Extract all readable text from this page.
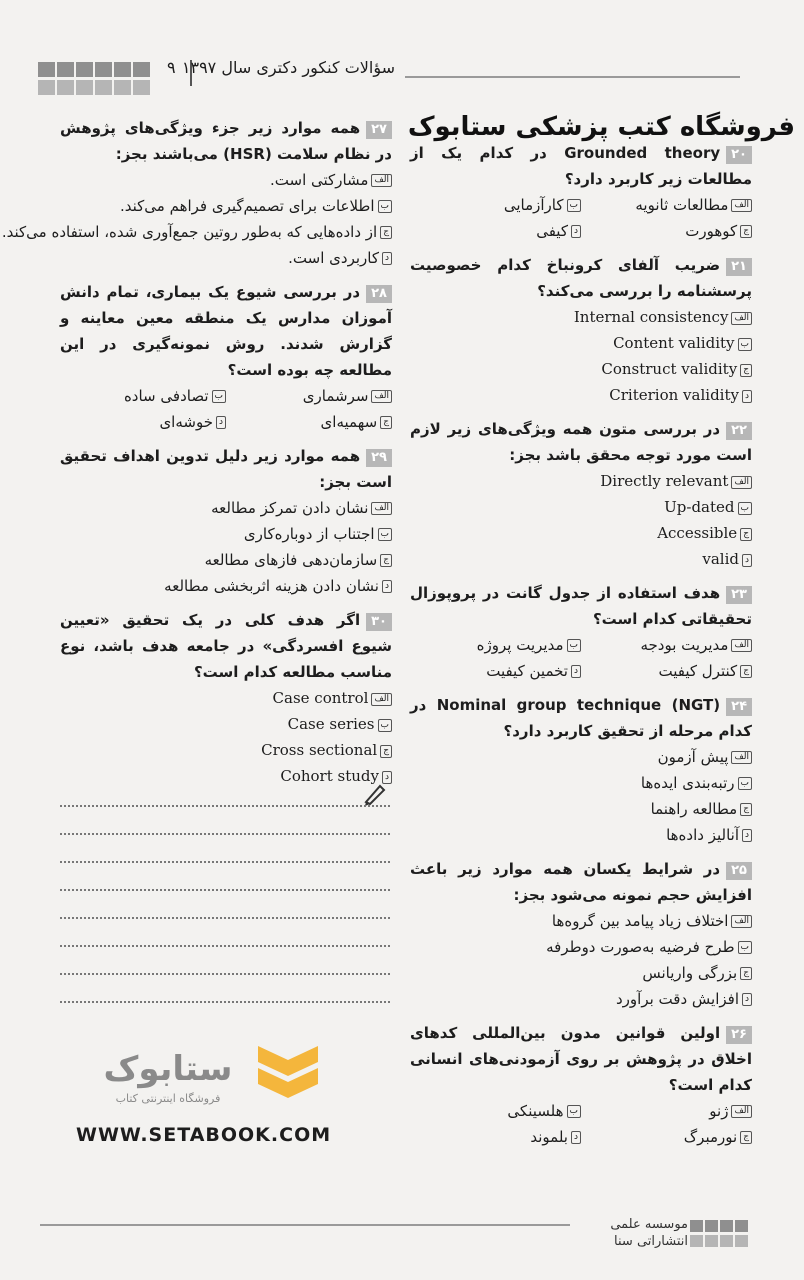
۹ سؤالات کنکور دکتری سال ۱۳۹۷
فروشگاه کتب پزشکی ستابوک
۲۰Grounded theory در کدام یک از مطالعات زیر کاربرد دارد؟
الفمطالعات ثانویه
بکارآزمایی
جکوهورت
دکیفی
۲۱ضریب آلفای کرونباخ کدام خصوصیت پرسشنامه را بررسی می‌کند؟
الفInternal consistency
بContent validity
جConstruct validity
دCriterion validity
۲۲در بررسی متون همه ویژگی‌های زیر لازم است مورد توجه محقق باشد بجز:
الفDirectly relevant
بUp-dated
جAccessible
دvalid
۲۳هدف استفاده از جدول گانت در پروپوزال تحقیقاتی کدام است؟
الفمدیریت بودجه
بمدیریت پروژه
جکنترل کیفیت
دتخمین کیفیت
۲۴Nominal group technique (NGT) در کدام مرحله از تحقیق کاربرد دارد؟
الفپیش آزمون
برتبه‌بندی ایده‌ها
جمطالعه راهنما
دآنالیز داده‌ها
۲۵در شرایط یکسان همه موارد زیر باعث افزایش حجم نمونه می‌شود بجز:
الفاختلاف زیاد پیامد بین گروه‌ها
بطرح فرضیه به‌صورت دوطرفه
جبزرگی واریانس
دافزایش دقت برآورد
۲۶اولین قوانین مدون بین‌المللی کدهای اخلاق در پژوهش بر روی آزمودنی‌های انسانی کدام است؟
الفژنو
بهلسینکی
جنورمبرگ
دبلموند
۲۷همه موارد زیر جزء ویژگی‌های پژوهش در نظام سلامت (HSR) می‌باشند بجز:
الفمشارکتی است.
باطلاعات برای تصمیم‌گیری فراهم می‌کند.
جاز داده‌هایی که به‌طور روتین جمع‌آوری شده، استفاده می‌کند.
دکاربردی است.
۲۸در بررسی شیوع یک بیماری، تمام دانش آموزان مدارس یک منطقه معین معاینه و گزارش شدند. روش نمونه‌گیری در این مطالعه چه بوده است؟
الفسرشماری
بتصادفی ساده
جسهمیه‌ای
دخوشه‌ای
۲۹همه موارد زیر دلیل تدوین اهداف تحقیق است بجز:
الفنشان دادن تمرکز مطالعه
باجتناب از دوباره‌کاری
جسازمان‌دهی فازهای مطالعه
دنشان دادن هزینه اثربخشی مطالعه
۳۰اگر هدف کلی در یک تحقیق «تعیین شیوع افسردگی» در جامعه هدف باشد، نوع مناسب مطالعه کدام است؟
الفCase control
بCase series
جCross sectional
دCohort study
ستابوک
فروشگاه اینترنتی کتاب
WWW.SETABOOK.COM
موسسه علمی
انتشاراتی سنا
